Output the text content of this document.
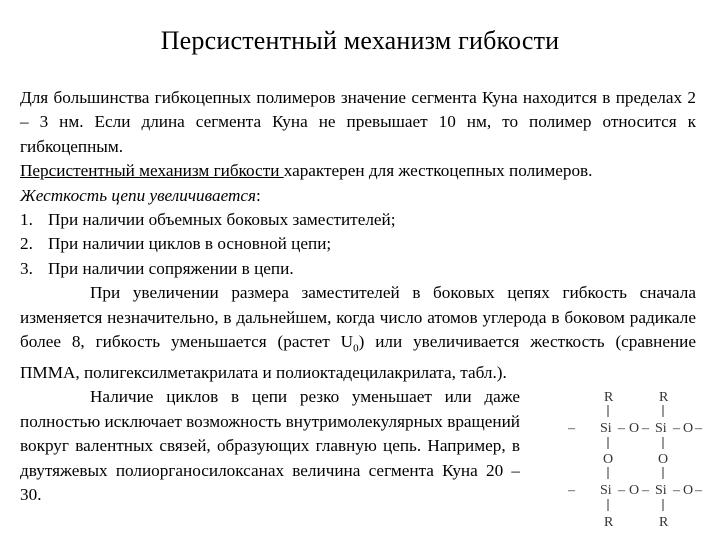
Персистентный механизм гибкости

Для большинства гибкоцепных полимеров значение сегмента Куна находится в пределах 2 – 3 нм. Если длина сегмента Куна не превышает 10 нм, то полимер относится к гибкоцепным.

Персистентный механизм гибкости характерен для жесткоцепных полимеров.

Жесткость цепи увеличивается:

1. При наличии объемных боковых заместителей;
2. При наличии циклов в основной цепи;
3. При наличии сопряжении в цепи.

При увеличении размера заместителей в боковых цепях гибкость сначала изменяется незначительно, в дальнейшем, когда число атомов углерода в боковом радикале более 8, гибкость уменьшается (растет $U_0$) или увеличивается жесткость (сравнение ПММА, полигексилметакрилата и полиоктадецилакрилата, табл.).

Наличие циклов в цепи резко уменьшает или даже полностью исключает возможность внутримолекулярных вращений вокруг валентных связей, образующих главную цепь. Например, в двутяжевых полиорганосилоксанах величина сегмента Куна 20 – 30.

R	R
– Si – O – Si – O –
O	O
– Si – O – Si – O –
R	R
